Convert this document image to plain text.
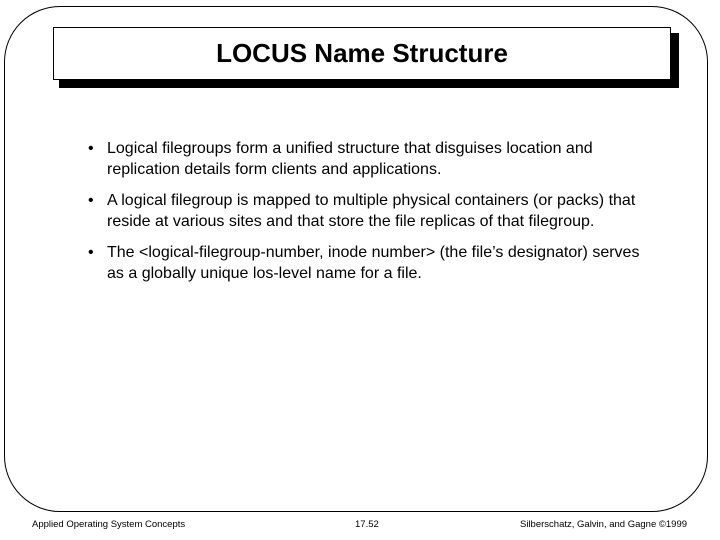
LOCUS Name Structure
• Logical filegroups form a unified structure that disguises location and replication details form clients and applications.
• A logical filegroup is mapped to multiple physical containers (or packs) that reside at various sites and that store the file replicas of that filegroup.
• The <logical-filegroup-number, inode number> (the file’s designator) serves as a globally unique los-level name for a file.
Applied Operating System Concepts	17.52	Silberschatz, Galvin, and Gagne ©1999
